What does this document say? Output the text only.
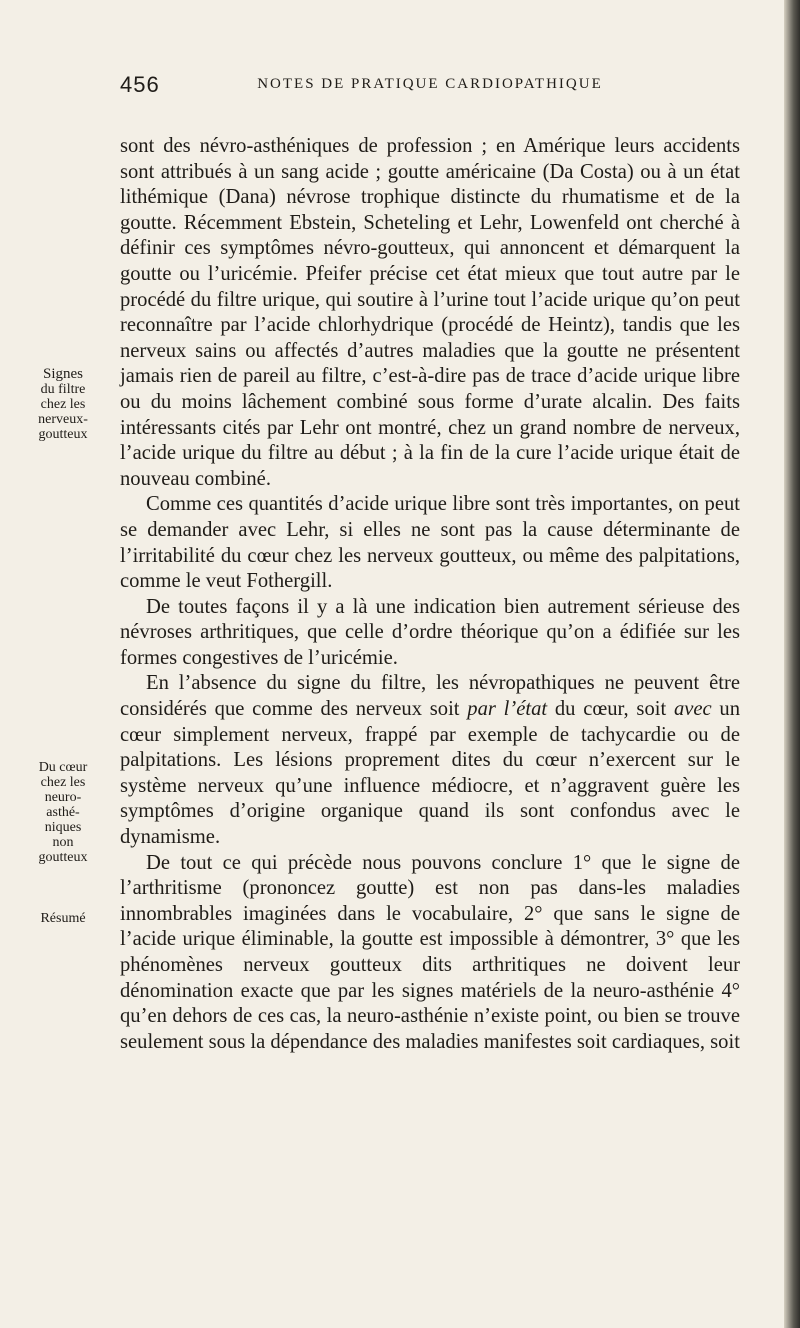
456	NOTES DE PRATIQUE CARDIOPATHIQUE
Signes
du filtre
chez les
nerveux-
goutteux
Du cœur
chez les
neuro-
asthé-
niques
non
goutteux
Résumé

sont des névro-asthéniques de profession ; en Amérique leurs accidents sont attribués à un sang acide ; goutte américaine (Da Costa) ou à un état lithémique (Dana) névrose trophique distincte du rhumatisme et de la goutte. Récemment Ebstein, Scheteling et Lehr, Lowenfeld ont cherché à définir ces symptômes névro-goutteux, qui annoncent et démarquent la goutte ou l’uricémie. Pfeifer précise cet état mieux que tout autre par le procédé du filtre urique, qui soutire à l’urine tout l’acide urique qu’on peut reconnaître par l’acide chlorhydrique (procédé de Heintz), tandis que les nerveux sains ou affectés d’autres maladies que la goutte ne présentent jamais rien de pareil au filtre, c’est-à-dire pas de trace d’acide urique libre ou du moins lâchement combiné sous forme d’urate alcalin. Des faits intéressants cités par Lehr ont montré, chez un grand nombre de nerveux, l’acide urique du filtre au début ; à la fin de la cure l’acide urique était de nouveau combiné.

Comme ces quantités d’acide urique libre sont très importantes, on peut se demander avec Lehr, si elles ne sont pas la cause déterminante de l’irritabilité du cœur chez les nerveux goutteux, ou même des palpitations, comme le veut Fothergill.

De toutes façons il y a là une indication bien autrement sérieuse des névroses arthritiques, que celle d’ordre théorique qu’on a édifiée sur les formes congestives de l’uricémie.

En l’absence du signe du filtre, les névropathiques ne peuvent être considérés que comme des nerveux soit par l’état du cœur, soit avec un cœur simplement nerveux, frappé par exemple de tachycardie ou de palpitations. Les lésions proprement dites du cœur n’exercent sur le système nerveux qu’une influence médiocre, et n’aggravent guère les symptômes d’origine organique quand ils sont confondus avec le dynamisme.

De tout ce qui précède nous pouvons conclure 1° que le signe de l’arthritisme (prononcez goutte) est non pas dans-les maladies innombrables imaginées dans le vocabulaire, 2° que sans le signe de l’acide urique éliminable, la goutte est impossible à démontrer, 3° que les phénomènes nerveux goutteux dits arthritiques ne doivent leur dénomination exacte que par les signes matériels de la neuro-asthénie 4° qu’en dehors de ces cas, la neuro-asthénie n’existe point, ou bien se trouve seulement sous la dépendance des maladies manifestes soit cardiaques, soit
